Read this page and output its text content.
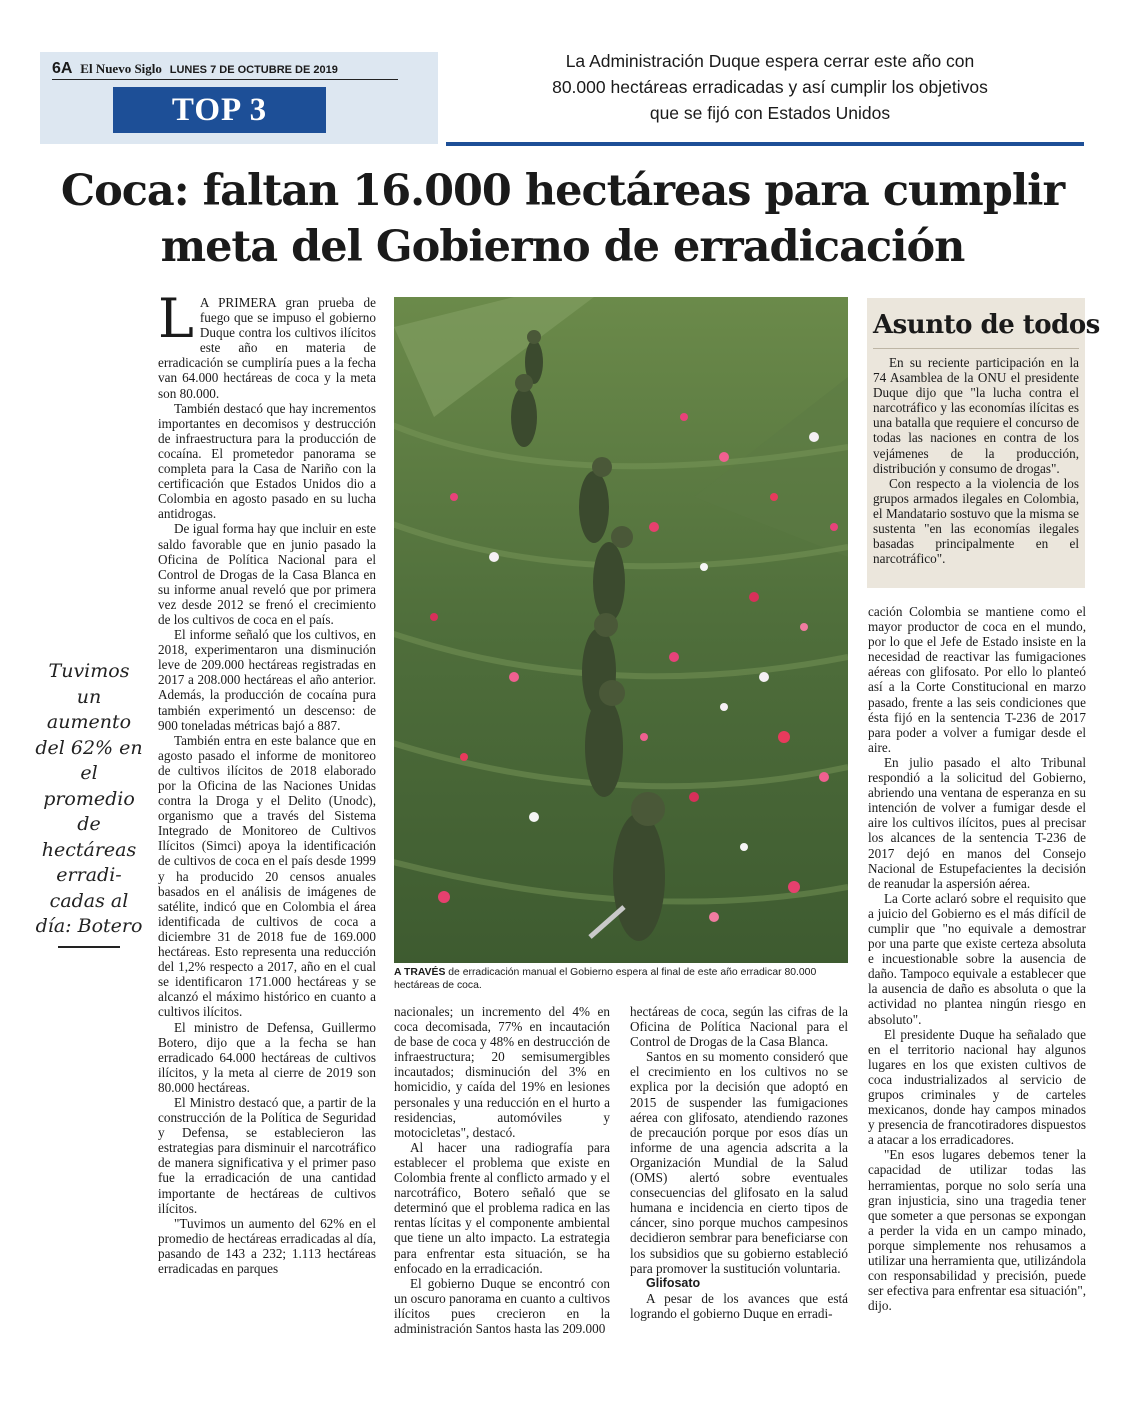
6A El Nuevo Siglo LUNES 7 DE OCTUBRE DE 2019
TOP 3
La Administración Duque espera cerrar este año con
80.000 hectáreas erradicadas y así cumplir los objetivos
que se fijó con Estados Unidos
Coca: faltan 16.000 hectáreas para cumplir
meta del Gobierno de erradicación
Tuvimos un aumento del 62% en el promedio de hectáreas erradi-cadas al día: Botero

L A PRIMERA gran prueba de fuego que se impuso el gobierno Duque contra los cultivos ilícitos este año en materia de erradicación se cumpliría pues a la fecha van 64.000 hectáreas de coca y la meta son 80.000.

También destacó que hay incrementos importantes en decomisos y destrucción de infraestructura para la producción de cocaína. El prometedor panorama se completa para la Casa de Nariño con la certificación que Estados Unidos dio a Colombia en agosto pasado en su lucha antidrogas.

De igual forma hay que incluir en este saldo favorable que en junio pasado la Oficina de Política Nacional para el Control de Drogas de la Casa Blanca en su informe anual reveló que por primera vez desde 2012 se frenó el crecimiento de los cultivos de coca en el país.

El informe señaló que los cultivos, en 2018, experimentaron una disminución leve de 209.000 hectáreas registradas en 2017 a 208.000 hectáreas el año anterior. Además, la producción de cocaína pura también experimentó un descenso: de 900 toneladas métricas bajó a 887.

También entra en este balance que en agosto pasado el informe de monitoreo de cultivos ilícitos de 2018 elaborado por la Oficina de las Naciones Unidas contra la Droga y el Delito (Unodc), organismo que a través del Sistema Integrado de Monitoreo de Cultivos Ilícitos (Simci) apoya la identificación de cultivos de coca en el país desde 1999 y ha producido 20 censos anuales basados en el análisis de imágenes de satélite, indicó que en Colombia el área identificada de cultivos de coca a diciembre 31 de 2018 fue de 169.000 hectáreas. Esto representa una reducción del 1,2% respecto a 2017, año en el cual se identificaron 171.000 hectáreas y se alcanzó el máximo histórico en cuanto a cultivos ilícitos.

El ministro de Defensa, Guillermo Botero, dijo que a la fecha se han erradicado 64.000 hectáreas de cultivos ilícitos, y la meta al cierre de 2019 son 80.000 hectáreas.

El Ministro destacó que, a partir de la construcción de la Política de Seguridad y Defensa, se establecieron las estrategias para disminuir el narcotráfico de manera significativa y el primer paso fue la erradicación de una cantidad importante de hectáreas de cultivos ilícitos.

"Tuvimos un aumento del 62% en el promedio de hectáreas erradicadas al día, pasando de 143 a 232; 1.113 hectáreas erradicadas en parques

A TRAVÉS de erradicación manual el Gobierno espera al final de este año erradicar 80.000 hectáreas de coca.
Asunto de todos

En su reciente participación en la 74 Asamblea de la ONU el presidente Duque dijo que "la lucha contra el narcotráfico y las economías ilícitas es una batalla que requiere el concurso de todas las naciones en contra de los vejámenes de la producción, distribución y consumo de drogas".

Con respecto a la violencia de los grupos armados ilegales en Colombia, el Mandatario sostuvo que la misma se sustenta "en las economías ilegales basadas principalmente en el narcotráfico".

nacionales; un incremento del 4% en coca decomisada, 77% en incautación de base de coca y 48% en destrucción de infraestructura; 20 semisumergibles incautados; disminución del 3% en homicidio, y caída del 19% en lesiones personales y una reducción en el hurto a residencias, automóviles y motocicletas", destacó.

Al hacer una radiografía para establecer el problema que existe en Colombia frente al conflicto armado y el narcotráfico, Botero señaló que se determinó que el problema radica en las rentas lícitas y el componente ambiental que tiene un alto impacto. La estrategia para enfrentar esta situación, se ha enfocado en la erradicación.

El gobierno Duque se encontró con un oscuro panorama en cuanto a cultivos ilícitos pues crecieron en la administración Santos hasta las 209.000

hectáreas de coca, según las cifras de la Oficina de Política Nacional para el Control de Drogas de la Casa Blanca.

Santos en su momento consideró que el crecimiento en los cultivos no se explica por la decisión que adoptó en 2015 de suspender las fumigaciones aérea con glifosato, atendiendo razones de precaución porque por esos días un informe de una agencia adscrita a la Organización Mundial de la Salud (OMS) alertó sobre eventuales consecuencias del glifosato en la salud humana e incidencia en cierto tipos de cáncer, sino porque muchos campesinos decidieron sembrar para beneficiarse con los subsidios que su gobierno estableció para promover la sustitución voluntaria.

Glifosato

A pesar de los avances que está logrando el gobierno Duque en erradi-

cación Colombia se mantiene como el mayor productor de coca en el mundo, por lo que el Jefe de Estado insiste en la necesidad de reactivar las fumigaciones aéreas con glifosato. Por ello lo planteó así a la Corte Constitucional en marzo pasado, frente a las seis condiciones que ésta fijó en la sentencia T-236 de 2017 para poder a volver a fumigar desde el aire.

En julio pasado el alto Tribunal respondió a la solicitud del Gobierno, abriendo una ventana de esperanza en su intención de volver a fumigar desde el aire los cultivos ilícitos, pues al precisar los alcances de la sentencia T-236 de 2017 dejó en manos del Consejo Nacional de Estupefacientes la decisión de reanudar la aspersión aérea.

La Corte aclaró sobre el requisito que a juicio del Gobierno es el más difícil de cumplir que "no equivale a demostrar por una parte que existe certeza absoluta e incuestionable sobre la ausencia de daño. Tampoco equivale a establecer que la ausencia de daño es absoluta o que la actividad no plantea ningún riesgo en absoluto".

El presidente Duque ha señalado que en el territorio nacional hay algunos lugares en los que existen cultivos de coca industrializados al servicio de grupos criminales y de carteles mexicanos, donde hay campos minados y presencia de francotiradores dispuestos a atacar a los erradicadores.

"En esos lugares debemos tener la capacidad de utilizar todas las herramientas, porque no solo sería una gran injusticia, sino una tragedia tener que someter a que personas se expongan a perder la vida en un campo minado, porque simplemente nos rehusamos a utilizar una herramienta que, utilizándola con responsabilidad y precisión, puede ser efectiva para enfrentar esa situación", dijo.
